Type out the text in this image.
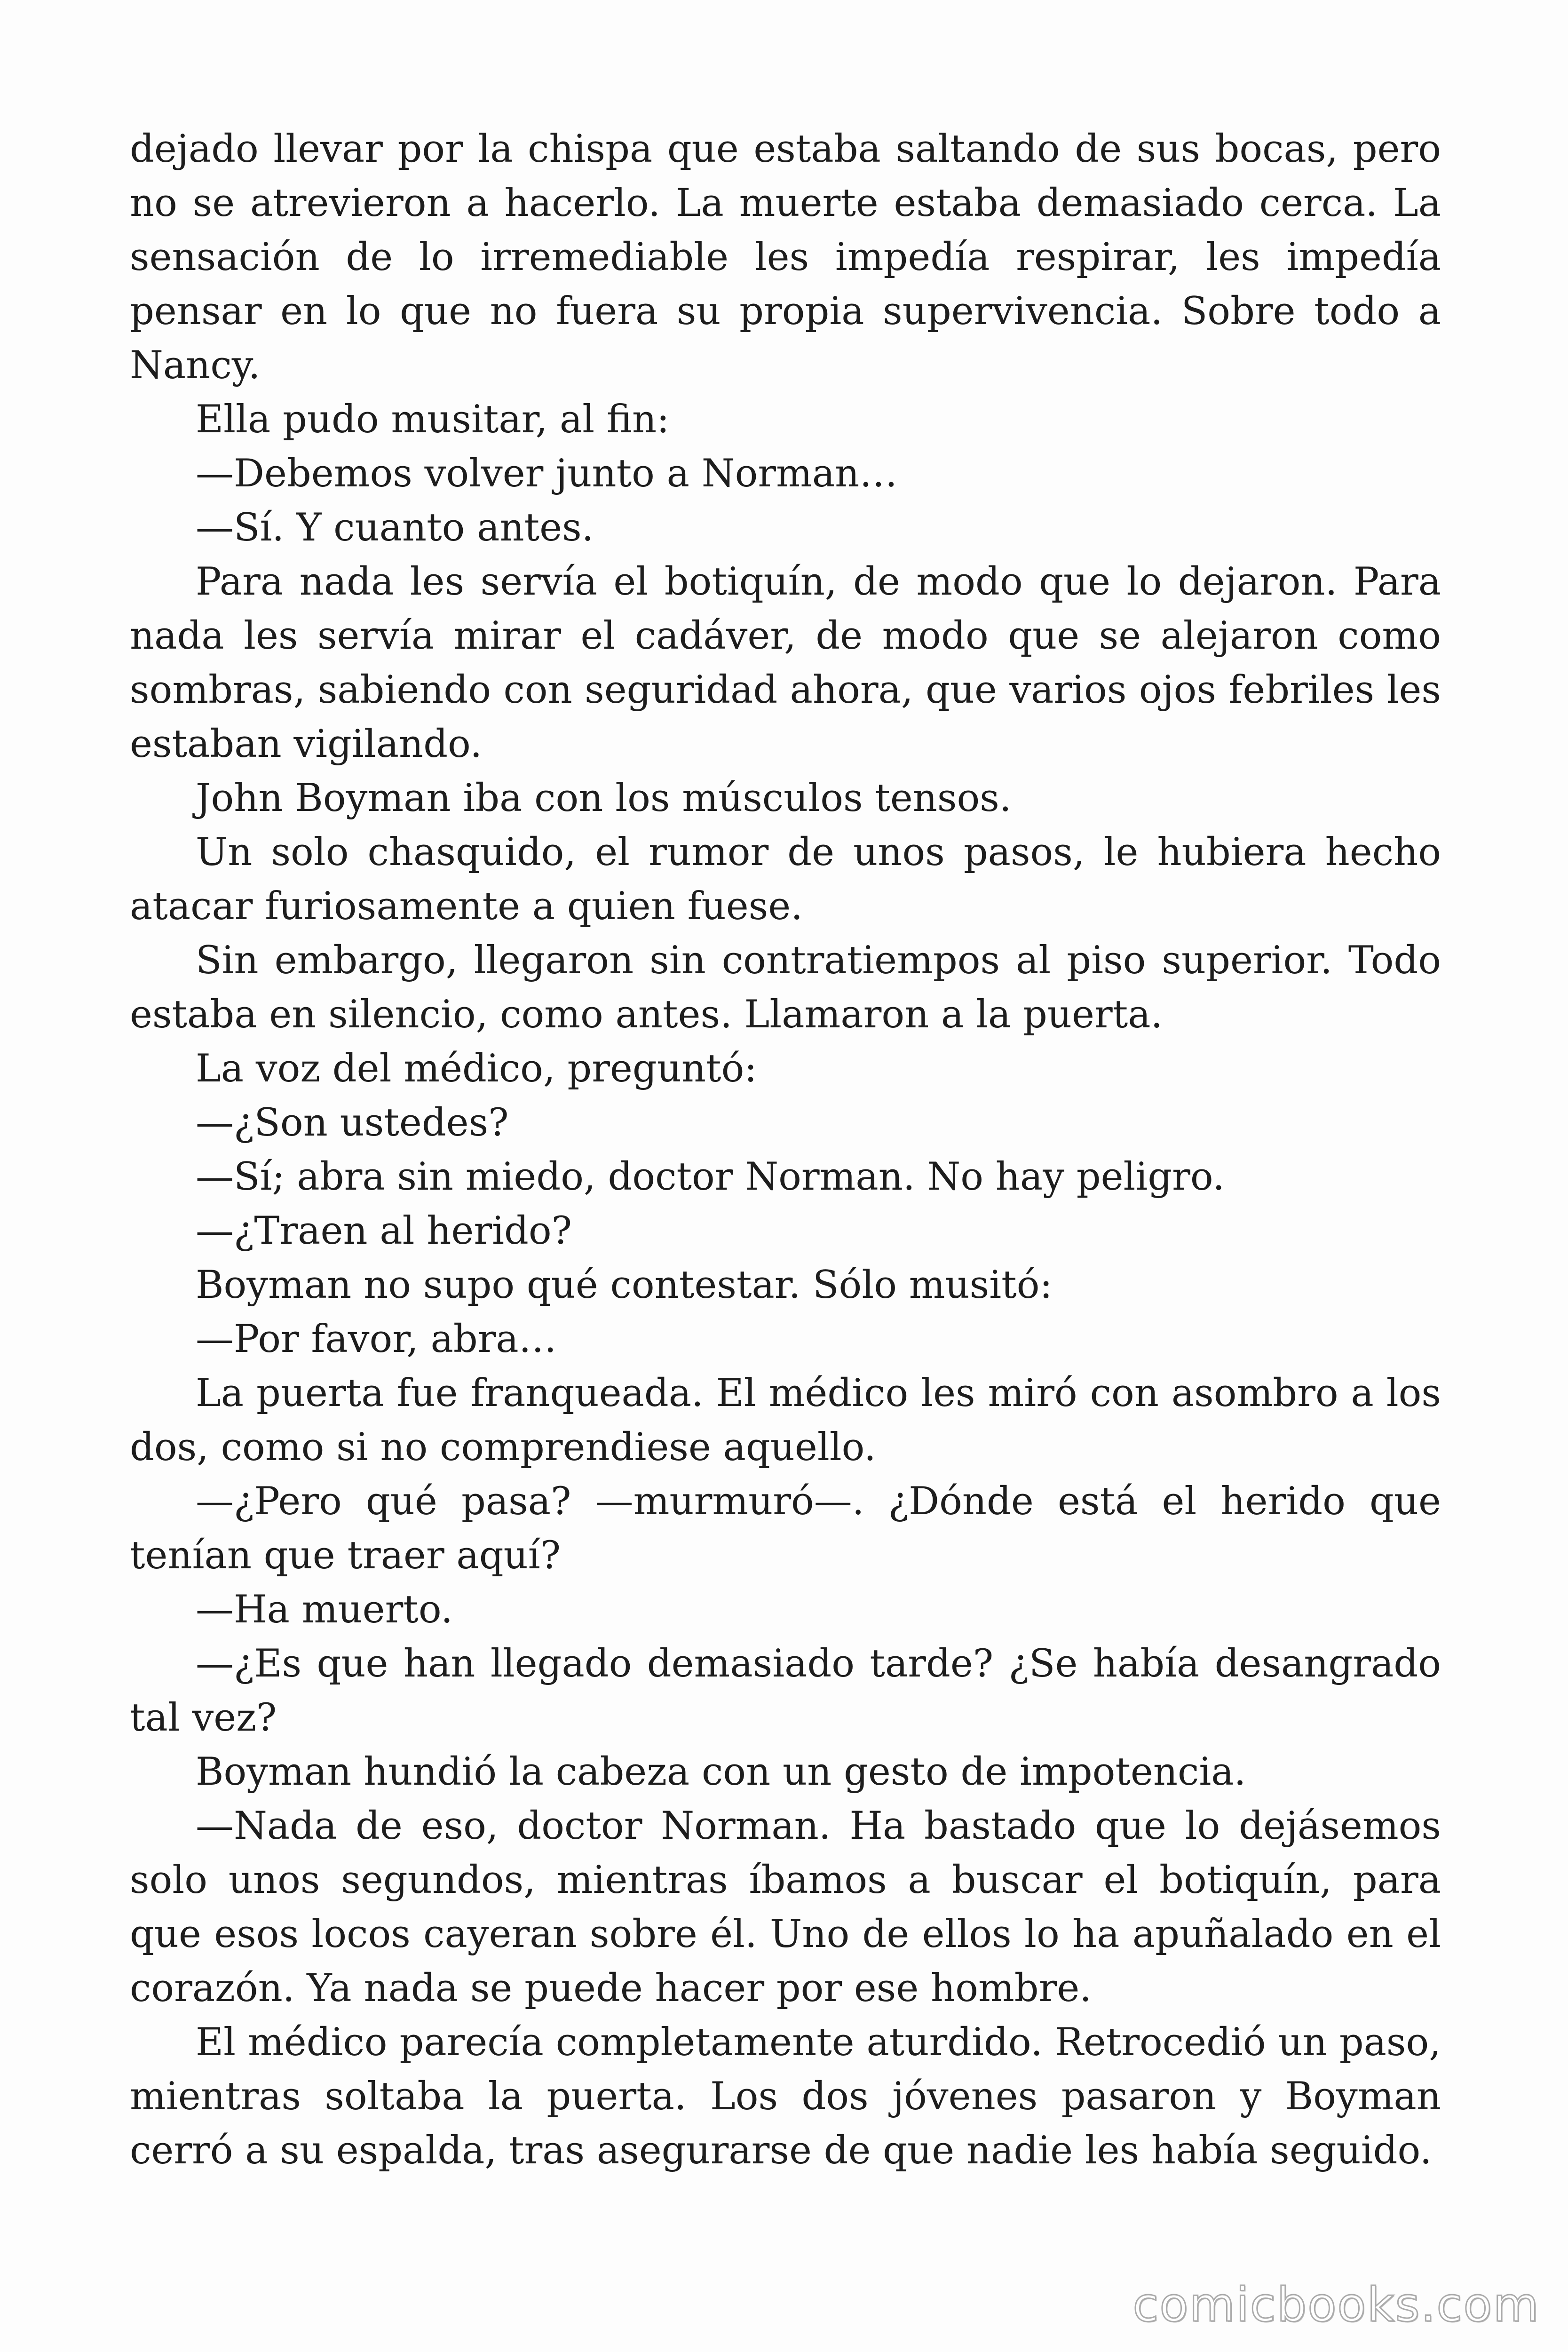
dejado llevar por la chispa que estaba saltando de sus bocas, pero no se atrevieron a hacerlo. La muerte estaba demasiado cerca. La sensación de lo irremediable les impedía respirar, les impedía pensar en lo que no fuera su propia supervivencia. Sobre todo a Nancy.

Ella pudo musitar, al fin:

—Debemos volver junto a Norman…

—Sí. Y cuanto antes.

Para nada les servía el botiquín, de modo que lo dejaron. Para nada les servía mirar el cadáver, de modo que se alejaron como sombras, sabiendo con seguridad ahora, que varios ojos febriles les estaban vigilando.

John Boyman iba con los músculos tensos.

Un solo chasquido, el rumor de unos pasos, le hubiera hecho atacar furiosamente a quien fuese.

Sin embargo, llegaron sin contratiempos al piso superior. Todo estaba en silencio, como antes. Llamaron a la puerta.

La voz del médico, preguntó:

—¿Son ustedes?

—Sí; abra sin miedo, doctor Norman. No hay peligro.

—¿Traen al herido?

Boyman no supo qué contestar. Sólo musitó:

—Por favor, abra…

La puerta fue franqueada. El médico les miró con asombro a los dos, como si no comprendiese aquello.

—¿Pero qué pasa? —murmuró—. ¿Dónde está el herido que tenían que traer aquí?

—Ha muerto.

—¿Es que han llegado demasiado tarde? ¿Se había desangrado tal vez?

Boyman hundió la cabeza con un gesto de impotencia.

—Nada de eso, doctor Norman. Ha bastado que lo dejásemos solo unos segundos, mientras íbamos a buscar el botiquín, para que esos locos cayeran sobre él. Uno de ellos lo ha apuñalado en el corazón. Ya nada se puede hacer por ese hombre.

El médico parecía completamente aturdido. Retrocedió un paso, mientras soltaba la puerta. Los dos jóvenes pasaron y Boyman cerró a su espalda, tras asegurarse de que nadie les había seguido.

comicbooks.com
